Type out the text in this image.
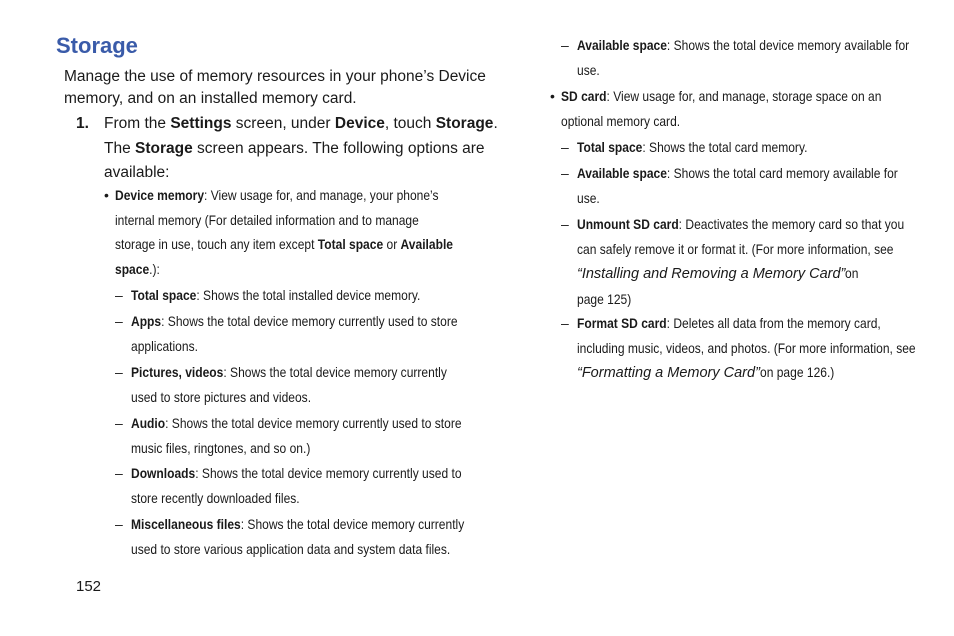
Storage

Manage the use of memory resources in your phone’s Device
memory, and on an installed memory card.

1. From the Settings screen, under Device, touch Storage.
The Storage screen appears. The following options are
available:
• Device memory: View usage for, and manage, your phone’s
internal memory (For detailed information and to manage
storage in use, touch any item except Total space or Available
space.):
– Total space: Shows the total installed device memory.
– Apps: Shows the total device memory currently used to store
applications.
– Pictures, videos: Shows the total device memory currently
used to store pictures and videos.
– Audio: Shows the total device memory currently used to store
music files, ringtones, and so on.)
– Downloads: Shows the total device memory currently used to
store recently downloaded files.
– Miscellaneous files: Shows the total device memory currently
used to store various application data and system data files.
– Available space: Shows the total device memory available for
use.
• SD card: View usage for, and manage, storage space on an
optional memory card.
– Total space: Shows the total card memory.
– Available space: Shows the total card memory available for
use.
– Unmount SD card: Deactivates the memory card so that you
can safely remove it or format it. (For more information, see
“Installing and Removing a Memory Card”on
page 125)
– Format SD card: Deletes all data from the memory card,
including music, videos, and photos. (For more information, see
“Formatting a Memory Card”on page 126.)
152
